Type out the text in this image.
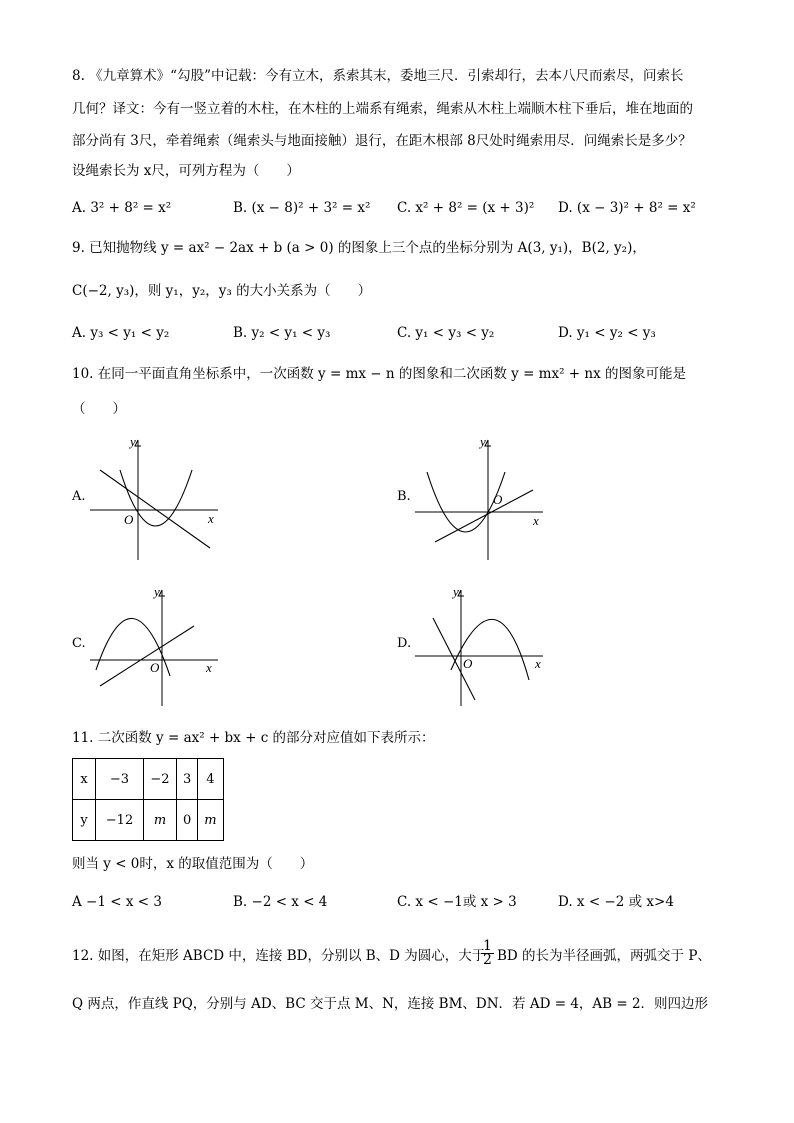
8. 《九章算术》“勾股”中记载：今有立木，系索其末，委地三尺．引索却行，去本八尺而索尽，问索长
几何？译文：今有一竖立着的木柱，在木柱的上端系有绳索，绳索从木柱上端顺木柱下垂后，堆在地面的
部分尚有 3尺，牵着绳索（绳索头与地面接触）退行，在距木根部 8尺处时绳索用尽．问绳索长是多少？
设绳索长为 x尺，可列方程为（　　）
A. 3² + 8² = x²	B. (x − 8)² + 3² = x² C. x² + 8² = (x + 3)² D. (x − 3)² + 8² = x²
9. 已知抛物线 y = ax² − 2ax + b (a > 0) 的图象上三个点的坐标分别为 A(3, y₁)，B(2, y₂)，
C(−2, y₃)，则 y₁，y₂，y₃ 的大小关系为（　　）
A. y₃ < y₁ < y₂	B. y₂ < y₁ < y₃	C. y₁ < y₃ < y₂	D. y₁ < y₂ < y₃
10. 在同一平面直角坐标系中，一次函数 y = mx − n 的图象和二次函数 y = mx² + nx 的图象可能是
（　　）
A.
x
y
O
B.
x
y
O
C.
x
y
O
D.
x
y
O
11. 二次函数 y = ax² + bx + c 的部分对应值如下表所示：
x	−3	−2	3	4
y	−12	m	0	m
则当 y < 0时，x 的取值范围为（　　）
A −1 < x < 3	B. −2 < x < 4	C. x < −1或 x > 3	D. x < −2 或 x>4
12. 如图，在矩形 ABCD 中，连接 BD，分别以 B、D 为圆心，大于
$\frac{1}{2}$ BD 的长为半径画弧，两弧交于 P、
Q 两点，作直线 PQ，分别与 AD、BC 交于点 M、N，连接 BM、DN．若 AD = 4，AB = 2．则四边形
